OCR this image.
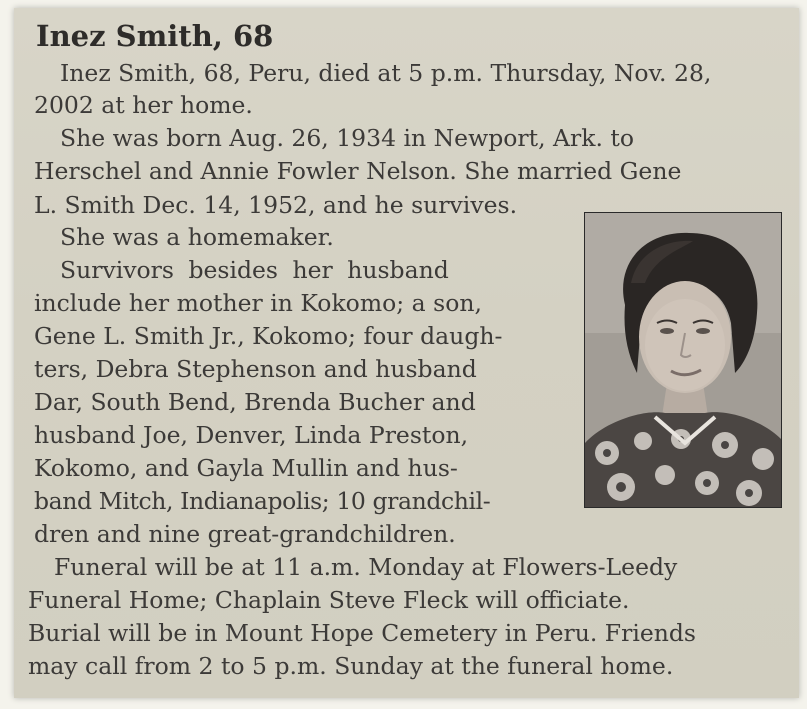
Inez Smith, 68

Inez Smith, 68, Peru, died at 5 p.m. Thursday, Nov. 28,

2002 at her home.

She was born Aug. 26, 1934 in Newport, Ark. to

Herschel and Annie Fowler Nelson. She married Gene

L. Smith Dec. 14, 1952, and he survives.

She was a homemaker.

Survivors besides her husband

include her mother in Kokomo; a son,

Gene L. Smith Jr., Kokomo; four daugh-

ters, Debra Stephenson and husband

Dar, South Bend, Brenda Bucher and

husband Joe, Denver, Linda Preston,

Kokomo, and Gayla Mullin and hus-

band Mitch, Indianapolis; 10 grandchil-

dren and nine great-grandchildren.

Funeral will be at 11 a.m. Monday at Flowers-Leedy

Funeral Home; Chaplain Steve Fleck will officiate.

Burial will be in Mount Hope Cemetery in Peru. Friends

may call from 2 to 5 p.m. Sunday at the funeral home.
